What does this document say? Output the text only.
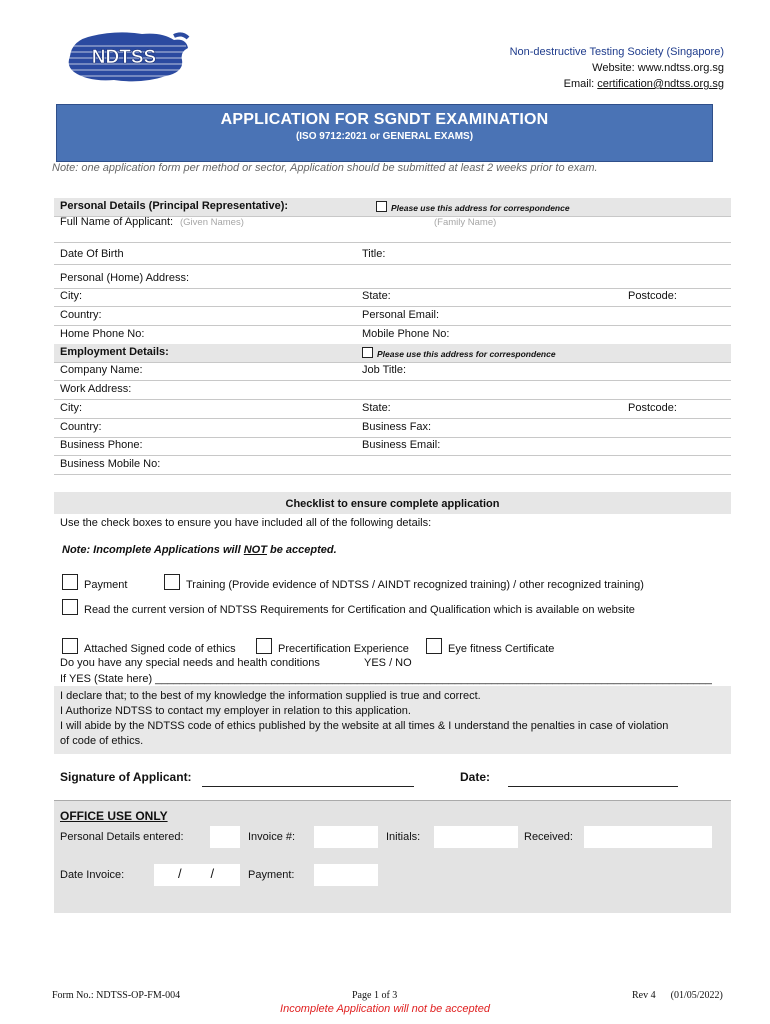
NDTSS	Non-destructive Testing Society (Singapore)
Website: www.ndtss.org.sg
Email: certification@ndtss.org.sg
APPLICATION FOR SGNDT EXAMINATION
(ISO 9712:2021 or GENERAL EXAMS)
Note: one application form per method or sector, Application should be submitted at least 2 weeks prior to exam.
Personal Details (Principal Representative):	Please use this address for correspondence
Full Name of Applicant: (Given Names)	(Family Name)
Date Of Birth	Title:
Personal (Home) Address:
City:	State:	Postcode:
Country:	Personal Email:
Home Phone No:	Mobile Phone No:
Employment Details:	Please use this address for correspondence
Company Name:	Job Title:
Work Address:
City:	State:	Postcode:
Country:	Business Fax:
Business Phone:	Business Email:
Business Mobile No:
Checklist to ensure complete application
Use the check boxes to ensure you have included all of the following details:
Note: Incomplete Applications will NOT be accepted.
Payment	Training (Provide evidence of NDTSS / AINDT recognized training) / other recognized training)
Read the current version of NDTSS Requirements for Certification and Qualification which is available on website
Attached Signed code of ethics	Precertification Experience	Eye fitness Certificate
Do you have any special needs and health conditions	YES / NO
If YES (State here) ___________________________________________________________________________________________
I declare that; to the best of my knowledge the information supplied is true and correct.
I Authorize NDTSS to contact my employer in relation to this application.
I will abide by the NDTSS code of ethics published by the website at all times & I understand the penalties in case of violation
of code of ethics.
Signature of Applicant:	Date:
OFFICE USE ONLY
Personal Details entered:	Invoice #:	Initials:	Received:
Date Invoice:	/        /	Payment:
Form No.: NDTSS-OP-FM-004	Page 1 of 3	Rev 4      (01/05/2022)
Incomplete Application will not be accepted
